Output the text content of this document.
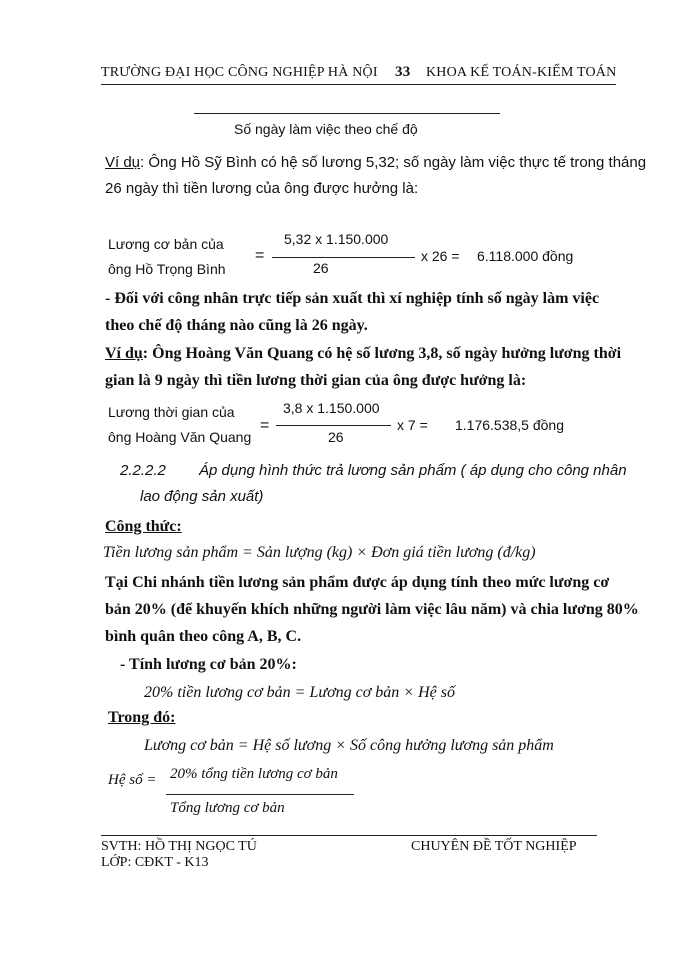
TRƯỜNG ĐẠI HỌC CÔNG NGHIỆP HÀ NỘI 33 KHOA KẾ TOÁN-KIỂM TOÁN
Số ngày làm việc theo chế độ
Ví dụ: Ông Hồ Sỹ Bình có hệ số lương 5,32; số ngày làm việc thực tế trong tháng
26 ngày thì tiền lương của ông được hưởng là:
Lương cơ bản của
ông Hồ Trọng Bình
=
5,32 x 1.150.000
26
x 26 = 6.118.000 đồng
- Đối với công nhân trực tiếp sản xuất thì xí nghiệp tính số ngày làm việc
theo chế độ tháng nào cũng là 26 ngày.
Ví dụ: Ông Hoàng Văn Quang có hệ số lương 3,8, số ngày hưởng lương thời
gian là 9 ngày thì tiền lương thời gian của ông được hưởng là:
Lương thời gian của
ông Hoàng Văn Quang
=
3,8 x 1.150.000
26
x 7 = 1.176.538,5 đồng
2.2.2.2 Áp dụng hình thức trả lương sản phẩm ( áp dụng cho công nhân
lao động sản xuất)
Công thức:
Tiền lương sản phẩm = Sản lượng (kg) × Đơn giá tiền lương (đ/kg)
Tại Chi nhánh tiền lương sản phẩm được áp dụng tính theo mức lương cơ
bản 20% (để khuyến khích những người làm việc lâu năm) và chia lương 80%
bình quân theo công A, B, C.
- Tính lương cơ bản 20%:
20% tiền lương cơ bản = Lương cơ bản × Hệ số
Trong đó:
Lương cơ bản = Hệ số lương × Số công hưởng lương sản phẩm
Hệ số = 20% tổng tiền lương cơ bản
Tổng lương cơ bản
SVTH: HỒ THỊ NGỌC TÚ	CHUYÊN ĐỀ TỐT NGHIỆP
LỚP: CĐKT - K13
